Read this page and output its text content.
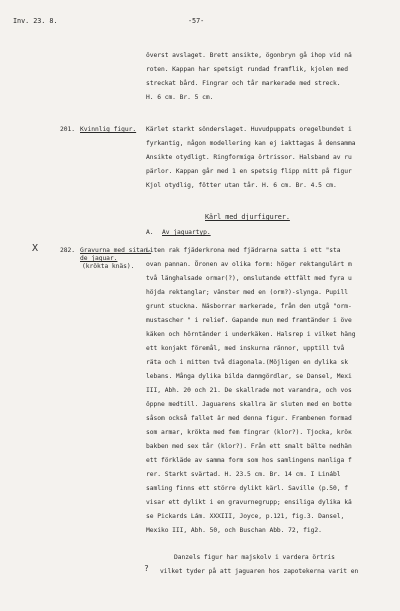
Inv. 23. 8.	-57-
överst avslaget. Brett ansikte, ögonbryn gå ihop vid nä
roten. Kappan har spetsigt rundad framflik, kjolen med
streckat bård. Fingrar och tår markerade med streck.
H. 6 cm. Br. 5 cm.
201. Kvinnlig figur. Kärlet starkt sönderslaget. Huvudpuppats oregelbundet i
fyrkantig, någon modellering kan ej iakttagas å densamma
Ansikte otydligt. Ringformiga örtrissor. Halsband av ru
pärlor. Kappan går med 1 en spetsig flipp mitt på figur
Kjol otydlig, fötter utan tår. H. 6 cm. Br. 4.5 cm.
Kärl med djurfigurer.
A. Av jaguartyp.
X	282. Gravurna med sitan-
de jaguar.
(kröktа knäs).
Liten rak fjäderkrona med fjädrarna satta i ett "sta
ovan pannan. Öronen av olika form: höger rektangulärt m
två länghalsade ormar(?), omslutande ettfält med fyra u
höjda rektanglar; vänster med en (orm?)-slynga. Pupill
grunt stuckna. Näsborrar markerade, från den utgå "orm-
mustascher " i relief. Gapande mun med framtänder i öve
käken och hörntänder i underkäken. Halsrep i vilket häng
ett konjakt föremål, med inskurna rännor, upptill två
räta och i mitten två diagonala.(Möjligen en dylika sk
lebans. Många dylika bilda danmgördlar, se Dansel, Mexi
III, Abh. 20 och 21. De skallrade mot varandra, och vos
öppne medtill. Jaguarens skallra är sluten med en botte
såsom också fallet är med denna figur. Frambenen formad
som armar, krökta med fem fingrar (klor?). Tjocka, kröк
bakben med sex tår (klor?). Från ett smalt bälte nedhän
ett förkläde av samma form som hos samlingens manliga f
rer. Starkt svärtad. H. 23.5 cm. Br. 14 cm. I Linábl
samling finns ett större dylikt kärl. Saville (p.50, f
visar ett dylikt i en gravurnegrupp; ensiliga dylika kä
se Pickards Lám. XXXIII, Joyce, p.121, fig.3. Dansel,
Mexiko III, Abh. 50, och Buschan Abb. 72, fig2.
Danzels figur har majskolv i vardera örtris
? vilket tyder på att jaguaren hos zapotekerna varit en
